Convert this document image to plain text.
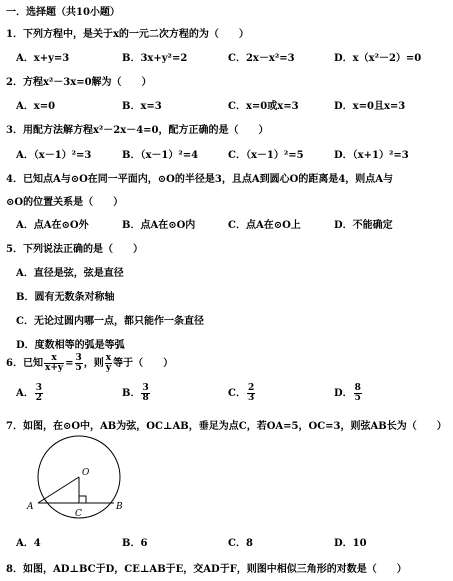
一．选择题（共10小题）
1．下列方程中，是关于x的一元二次方程的为（　　）
A．x+y=3	B．3x+y²=2	C．2x－x²=3	D．x（x²－2）=0
2．方程x²－3x=0解为（　　）
A．x=0	B．x=3	C．x=0或x=3	D．x=0且x=3
3．用配方法解方程x²－2x－4=0，配方正确的是（　　）
A．（x－1）²=3	B．（x－1）²=4	C．（x－1）²=5	D．（x+1）²=3
4．已知点A与⊙O在同一平面内，⊙O的半径是3，且点A到圆心O的距离是4，则点A与
⊙O的位置关系是（　　）
A．点A在⊙O外	B．点A在⊙O内	C．点A在⊙O上	D．不能确定
5．下列说法正确的是（　　）
A．直径是弦，弦是直径
B．圆有无数条对称轴
C．无论过圆内哪一点，都只能作一条直径
D．度数相等的弧是等弧
6．已知 $\frac{x}{x+y} = \frac{3}{5}$ ，则 $\frac{x}{y}$ 等于（　　）
A． $\frac{3}{2}$	B． $\frac{3}{8}$	C． $\frac{2}{3}$	D． $\frac{8}{5}$
7．如图，在⊙O中，AB为弦，OC⊥AB，垂足为点C，若OA=5，OC=3，则弦AB长为（　　）
O
A	B
C
A．4	B．6	C．8	D．10
8．如图，AD⊥BC于D，CE⊥AB于E，交AD于F，则图中相似三角形的对数是（　　）
